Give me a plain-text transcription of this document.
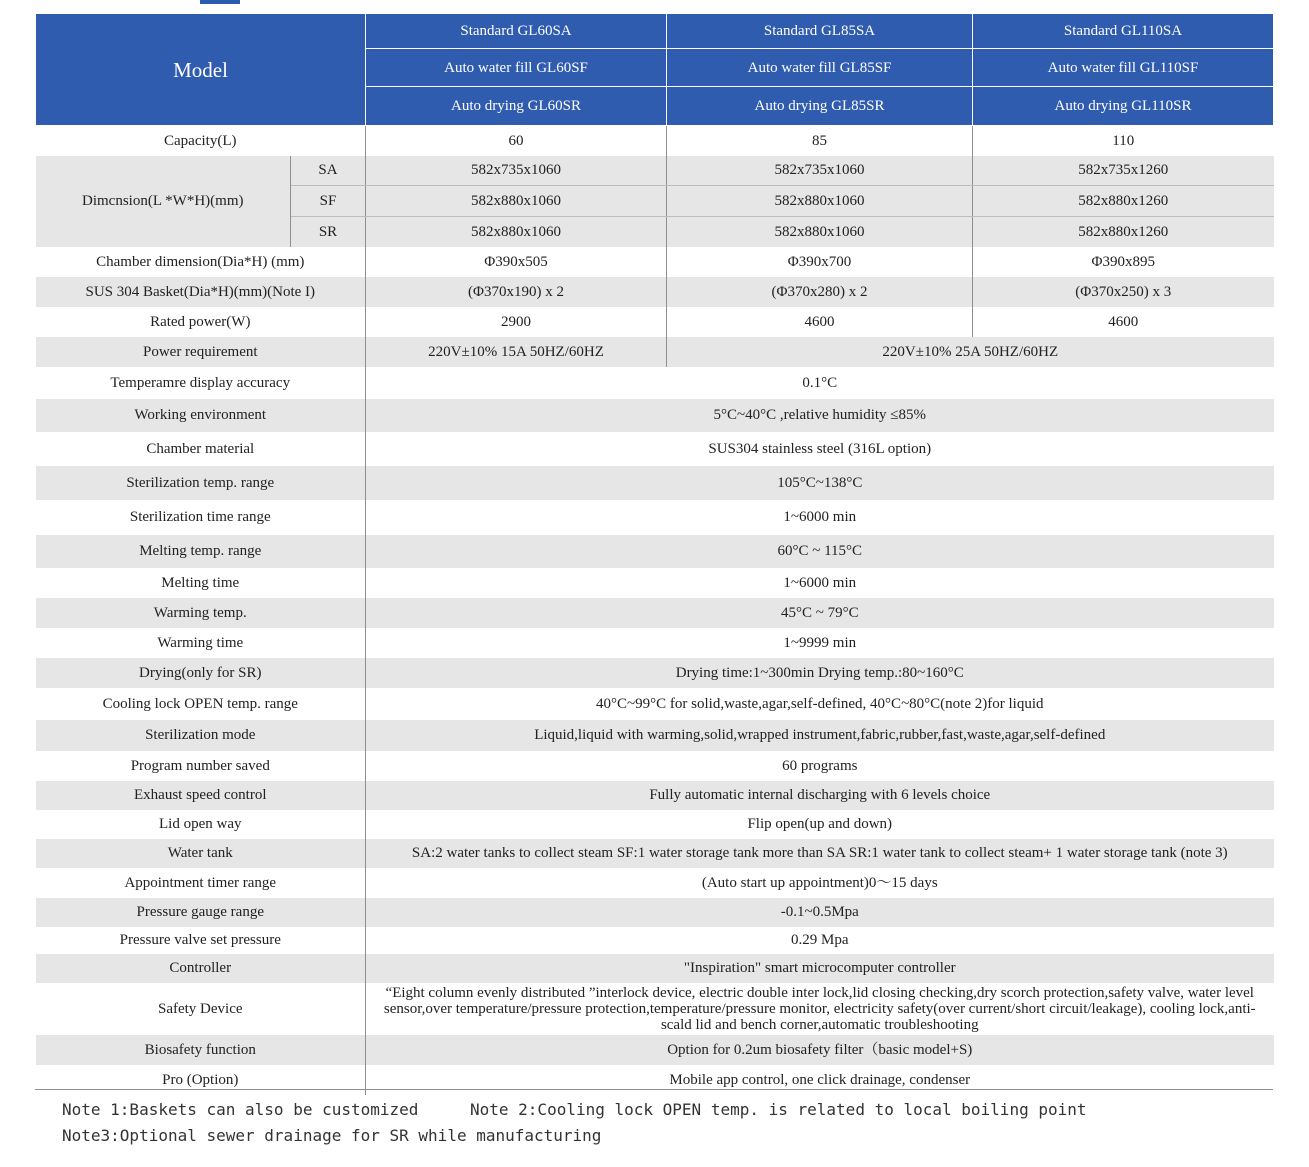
Model		Standard GL60SA	Standard GL85SA	Standard GL110SA
		Auto water fill GL60SF	Auto water fill GL85SF	Auto water fill GL110SF
		Auto drying GL60SR	Auto drying GL85SR	Auto drying GL110SR
Capacity(L)		60	85	110
Dimcnsion(L *W*H)(mm)	SA	582x735x1060	582x735x1060	582x735x1260
	SF	582x880x1060	582x880x1060	582x880x1260
	SR	582x880x1060	582x880x1060	582x880x1260
Chamber dimension(Dia*H) (mm)		Φ390x505	Φ390x700	Φ390x895
SUS 304 Basket(Dia*H)(mm)(Note I)		(Φ370x190) x 2	(Φ370x280) x 2	(Φ370x250) x 3
Rated power(W)		2900	4600	4600
Power requirement		220V±10% 15A 50HZ/60HZ	220V±10% 25A 50HZ/60HZ	
Temperamre display accuracy		0.1°C		
Working environment		5°C~40°C ,relative humidity ≤85%		
Chamber material		SUS304 stainless steel (316L option)		
Sterilization temp. range		105°C~138°C		
Sterilization time range		1~6000 min		
Melting temp. range		60°C ~ 115°C		
Melting time		1~6000 min		
Warming temp.		45°C ~ 79°C		
Warming time		1~9999 min		
Drying(only for SR)		Drying time:1~300min Drying temp.:80~160°C		
Cooling lock OPEN temp. range		40°C~99°C for solid,waste,agar,self-defined, 40°C~80°C(note 2)for liquid		
Sterilization mode		Liquid,liquid with warming,solid,wrapped instrument,fabric,rubber,fast,waste,agar,self-defined		
Program number saved		60 programs		
Exhaust speed control		Fully automatic internal discharging with 6 levels choice		
Lid open way		Flip open(up and down)		
Water tank		SA:2 water tanks to collect steam SF:1 water storage tank more than SA SR:1 water tank to collect steam+ 1 water storage tank (note 3)		
Appointment timer range		(Auto start up appointment)0〜15 days		
Pressure gauge range		-0.1~0.5Mpa		
Pressure valve set pressure		0.29 Mpa		
Controller		"Inspiration" smart microcomputer controller		
Safety Device		“Eight column evenly distributed ”interlock device, electric double inter lock,lid closing checking,dry scorch protection,safety valve, water level sensor,over temperature/pressure protection,temperature/pressure monitor, electricity safety(over current/short circuit/leakage), cooling lock,anti-scald lid and bench corner,automatic troubleshooting		
Biosafety function		Option for 0.2um biosafety filter（basic model+S)		
Pro (Option)		Mobile app control, one click drainage, condenser		
Note 1:Baskets can also be customized	Note 2:Cooling lock OPEN temp. is related to local boiling point
Note3:Optional sewer drainage for SR while manufacturing
